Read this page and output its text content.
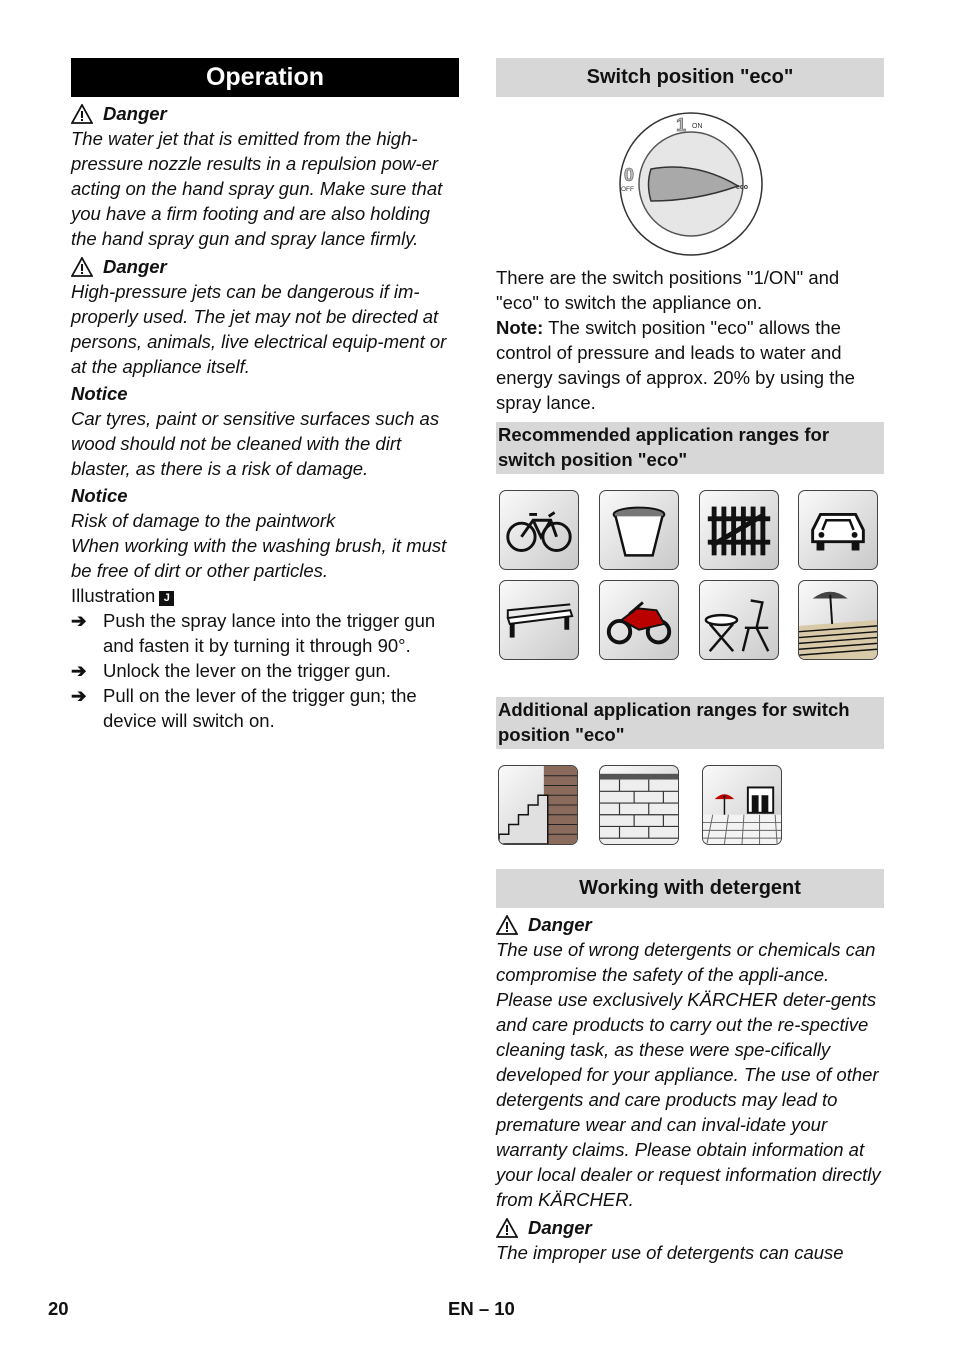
Operation
Danger

The water jet that is emitted from the high-pressure nozzle results in a repulsion pow-er acting on the hand spray gun. Make sure that you have a firm footing and are also holding the hand spray gun and spray lance firmly.

Danger

High-pressure jets can be dangerous if im-properly used. The jet may not be directed at persons, animals, live electrical equip-ment or at the appliance itself.

Notice

Car tyres, paint or sensitive surfaces such as wood should not be cleaned with the dirt blaster, as there is a risk of damage.

Notice

Risk of damage to the paintwork

When working with the washing brush, it must be free of dirt or other particles.

Illustration J

➔ Push the spray lance into the trigger gun and fasten it by turning it through 90°.
➔ Unlock the lever on the trigger gun.
➔ Pull on the lever of the trigger gun; the device will switch on.
Switch position "eco"
1 ON
0
OFF	eco

There are the switch positions "1/ON" and "eco" to switch the appliance on.

Note: The switch position "eco" allows the control of pressure and leads to water and energy savings of approx. 20% by using the spray lance.

Recommended application ranges for switch position "eco"
Additional application ranges for switch position "eco"
Working with detergent
Danger

The use of wrong detergents or chemicals can compromise the safety of the appli-ance.

Please use exclusively KÄRCHER deter-gents and care products to carry out the re-spective cleaning task, as these were spe-cifically developed for your appliance. The use of other detergents and care products may lead to premature wear and can inval-idate your warranty claims. Please obtain information at your local dealer or request information directly from KÄRCHER.

Danger

The improper use of detergents can cause

20	EN – 10
